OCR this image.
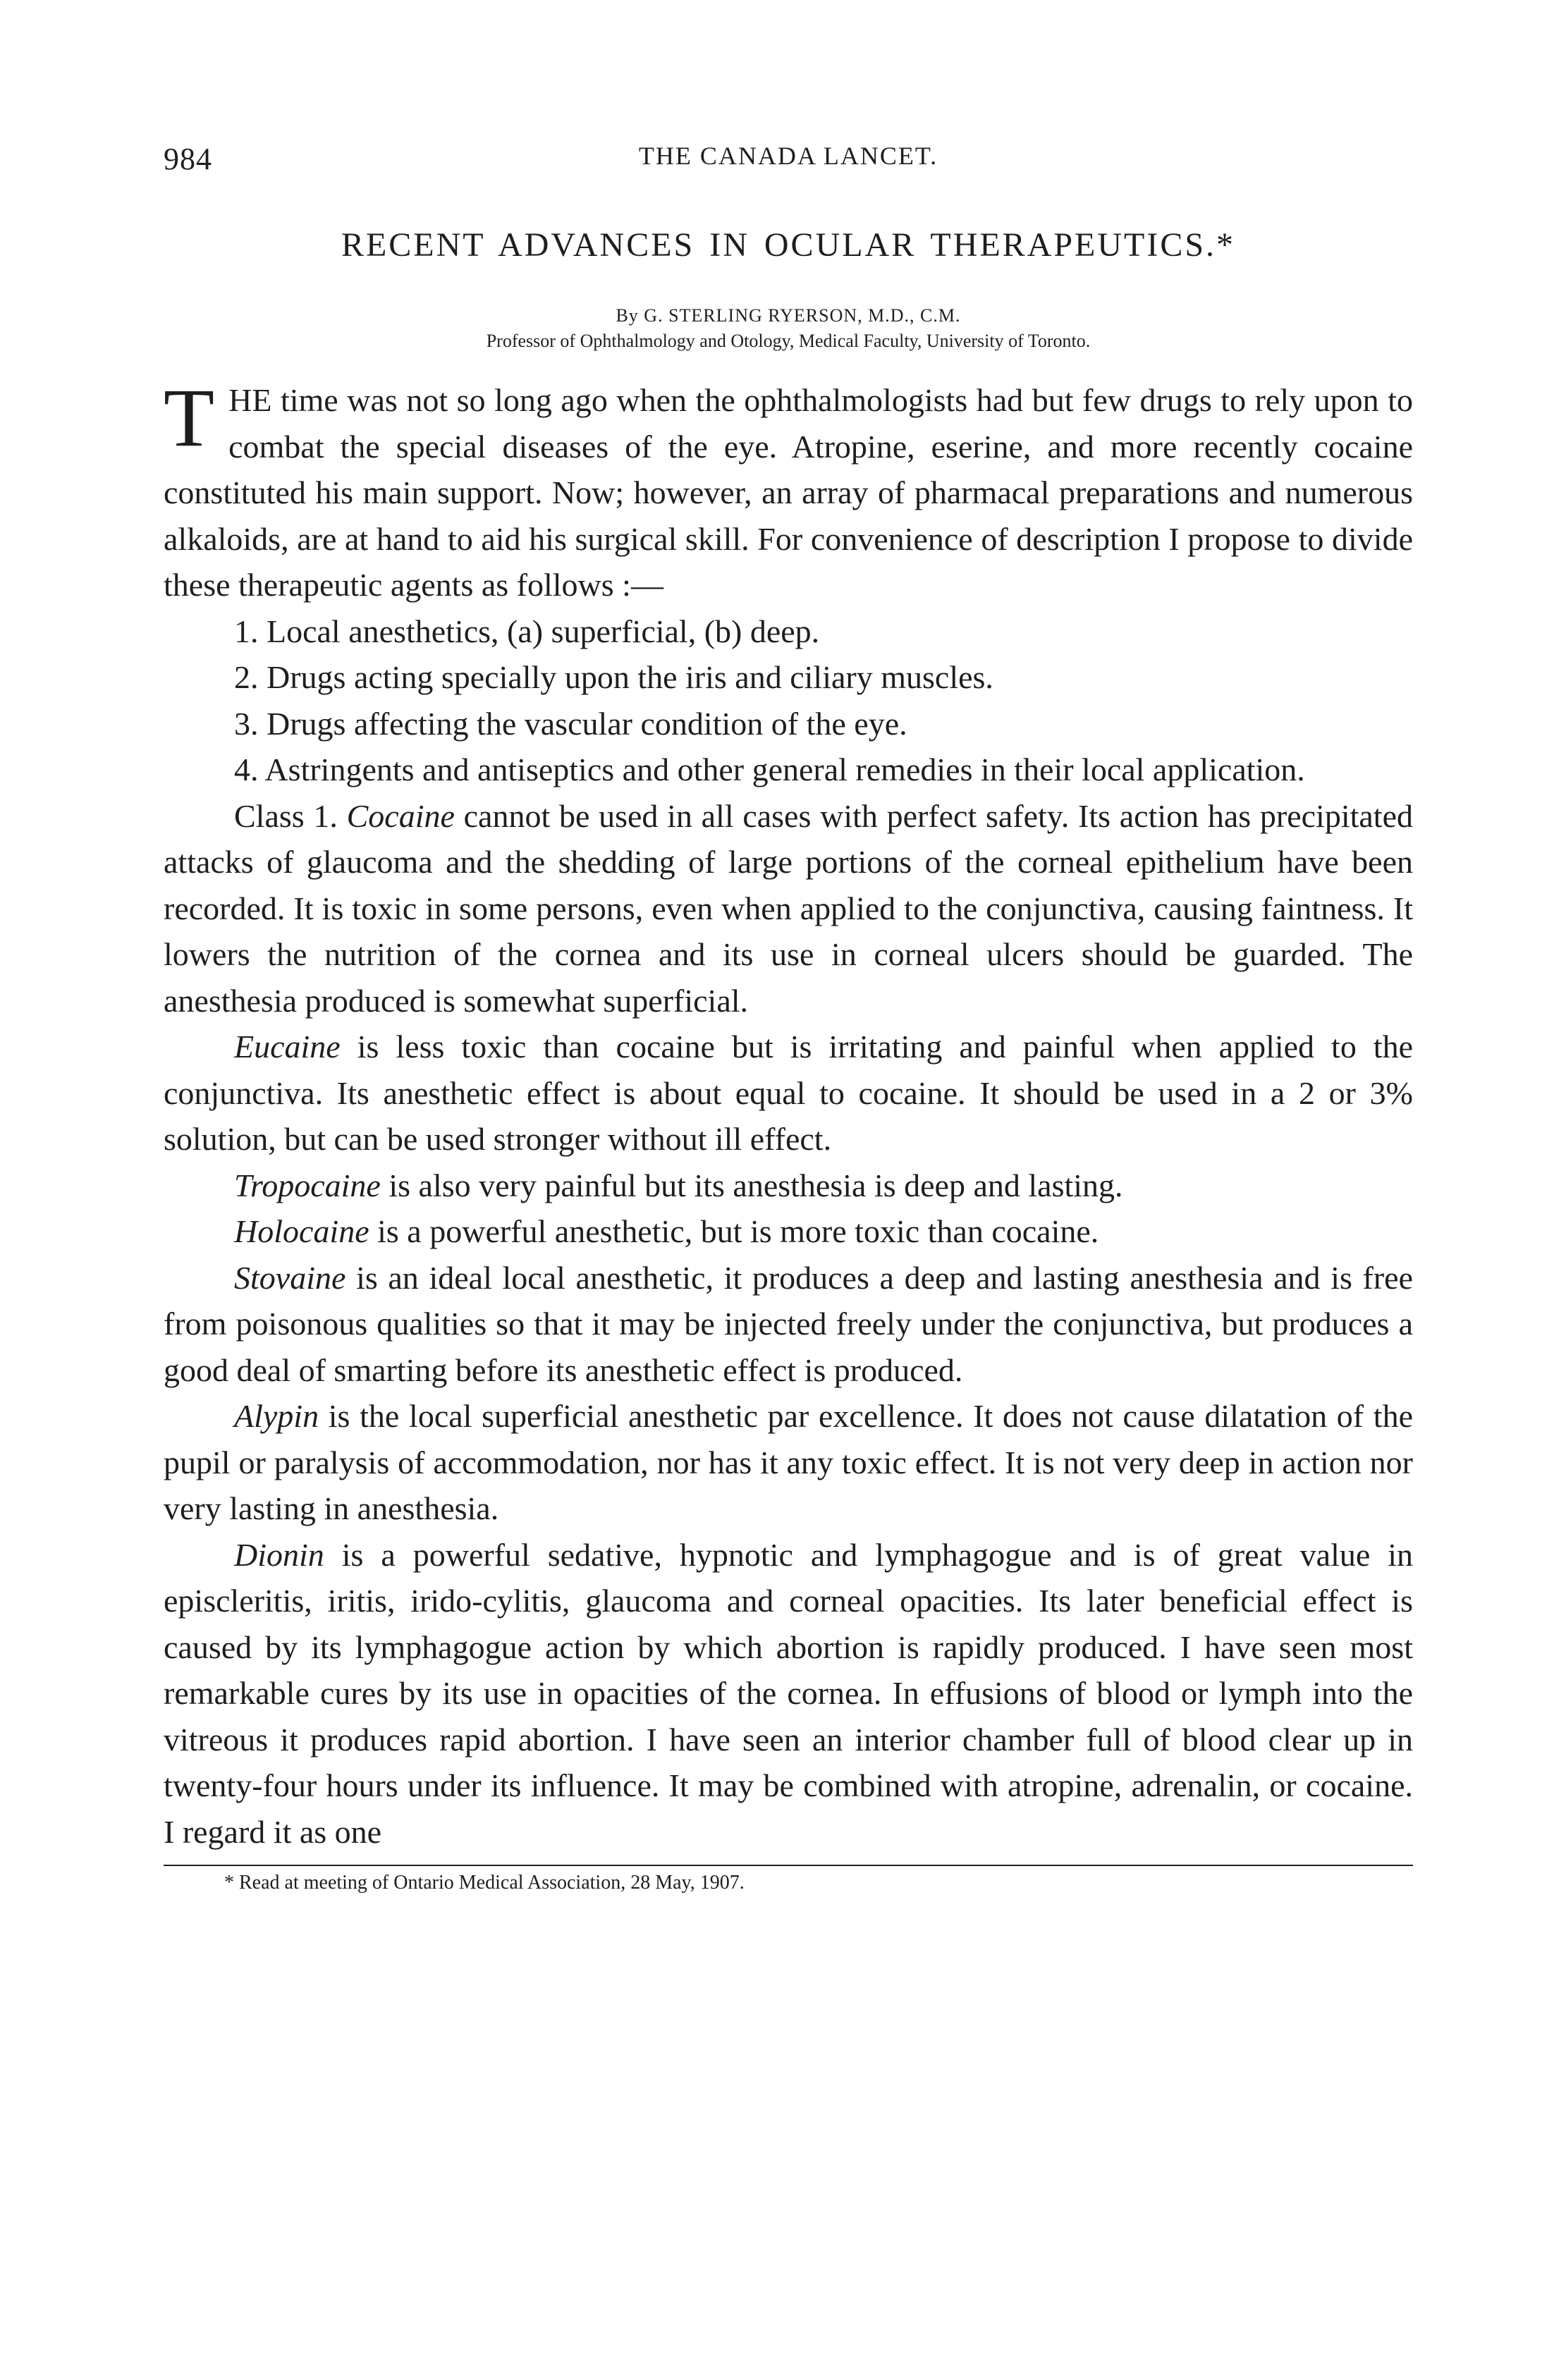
984	THE CANADA LANCET.
RECENT ADVANCES IN OCULAR THERAPEUTICS.*
By G. STERLING RYERSON, M.D., C.M.
Professor of Ophthalmology and Otology, Medical Faculty, University of Toronto.

THE time was not so long ago when the ophthalmologists had but few drugs to rely upon to combat the special diseases of the eye. Atropine, eserine, and more recently cocaine constituted his main support. Now; however, an array of pharmacal preparations and numerous alkaloids, are at hand to aid his surgical skill. For convenience of description I propose to divide these therapeutic agents as follows :—

1. Local anesthetics, (a) superficial, (b) deep.
2. Drugs acting specially upon the iris and ciliary muscles.
3. Drugs affecting the vascular condition of the eye.
4. Astringents and antiseptics and other general remedies in their local application.

Class 1. Cocaine cannot be used in all cases with perfect safety. Its action has precipitated attacks of glaucoma and the shedding of large portions of the corneal epithelium have been recorded. It is toxic in some persons, even when applied to the conjunctiva, causing faintness. It lowers the nutrition of the cornea and its use in corneal ulcers should be guarded. The anesthesia produced is somewhat superficial.

Eucaine is less toxic than cocaine but is irritating and painful when applied to the conjunctiva. Its anesthetic effect is about equal to cocaine. It should be used in a 2 or 3% solution, but can be used stronger without ill effect.

Tropocaine is also very painful but its anesthesia is deep and lasting.

Holocaine is a powerful anesthetic, but is more toxic than cocaine.

Stovaine is an ideal local anesthetic, it produces a deep and lasting anesthesia and is free from poisonous qualities so that it may be injected freely under the conjunctiva, but produces a good deal of smarting before its anesthetic effect is produced.

Alypin is the local superficial anesthetic par excellence. It does not cause dilatation of the pupil or paralysis of accommodation, nor has it any toxic effect. It is not very deep in action nor very lasting in anesthesia.

Dionin is a powerful sedative, hypnotic and lymphagogue and is of great value in episcleritis, iritis, irido-cylitis, glaucoma and corneal opacities. Its later beneficial effect is caused by its lymphagogue action by which abortion is rapidly produced. I have seen most remarkable cures by its use in opacities of the cornea. In effusions of blood or lymph into the vitreous it produces rapid abortion. I have seen an interior chamber full of blood clear up in twenty-four hours under its influence. It may be combined with atropine, adrenalin, or cocaine. I regard it as one

* Read at meeting of Ontario Medical Association, 28 May, 1907.
